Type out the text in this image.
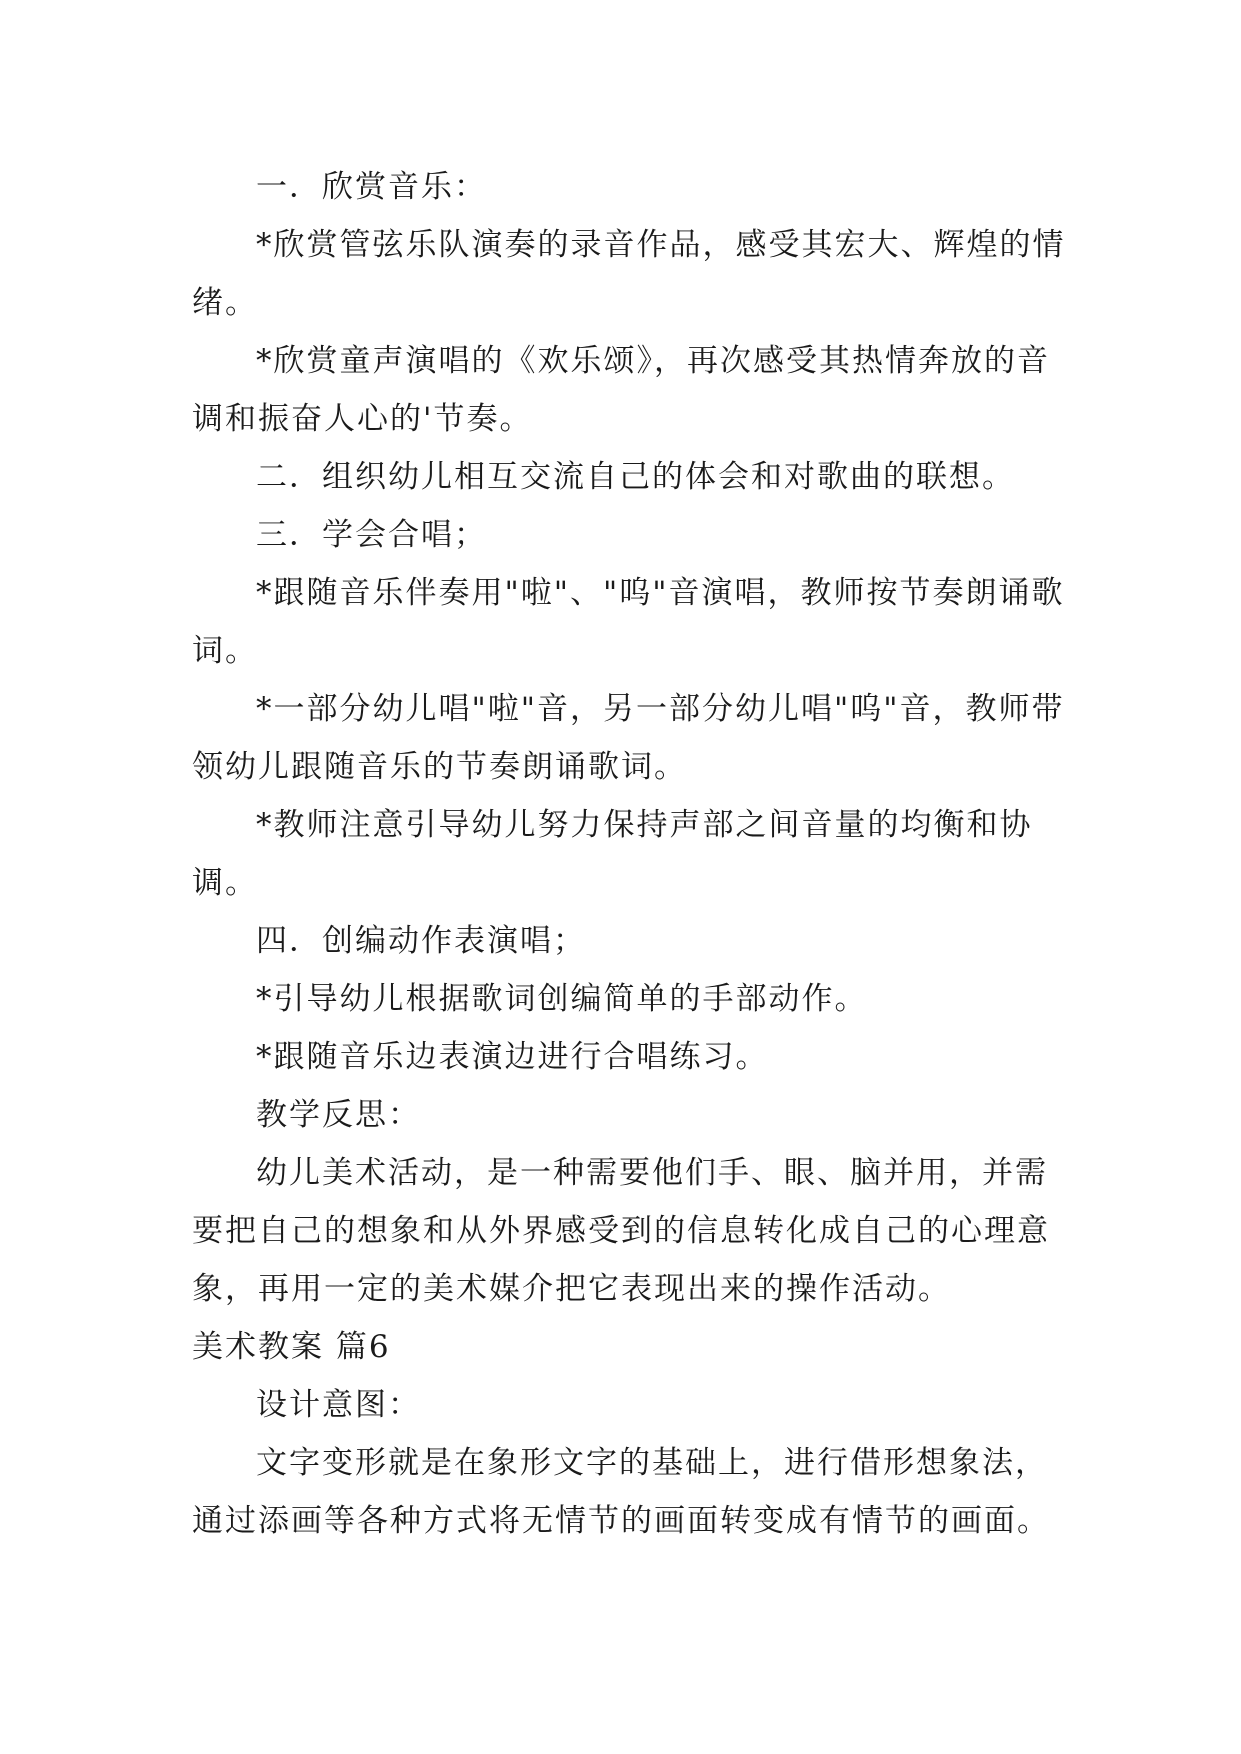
一．欣赏音乐：

*欣赏管弦乐队演奏的录音作品，感受其宏大、辉煌的情绪。

*欣赏童声演唱的《欢乐颂》，再次感受其热情奔放的音调和振奋人心的'节奏。

二．组织幼儿相互交流自己的体会和对歌曲的联想。

三．学会合唱；

*跟随音乐伴奏用"啦"、"呜"音演唱，教师按节奏朗诵歌词。

*一部分幼儿唱"啦"音，另一部分幼儿唱"呜"音，教师带领幼儿跟随音乐的节奏朗诵歌词。

*教师注意引导幼儿努力保持声部之间音量的均衡和协调。

四．创编动作表演唱；

*引导幼儿根据歌词创编简单的手部动作。

*跟随音乐边表演边进行合唱练习。

教学反思：

幼儿美术活动，是一种需要他们手、眼、脑并用，并需要把自己的想象和从外界感受到的信息转化成自己的心理意象，再用一定的美术媒介把它表现出来的操作活动。

美术教案 篇6

设计意图：

文字变形就是在象形文字的基础上，进行借形想象法，通过添画等各种方式将无情节的画面转变成有情节的画面。
